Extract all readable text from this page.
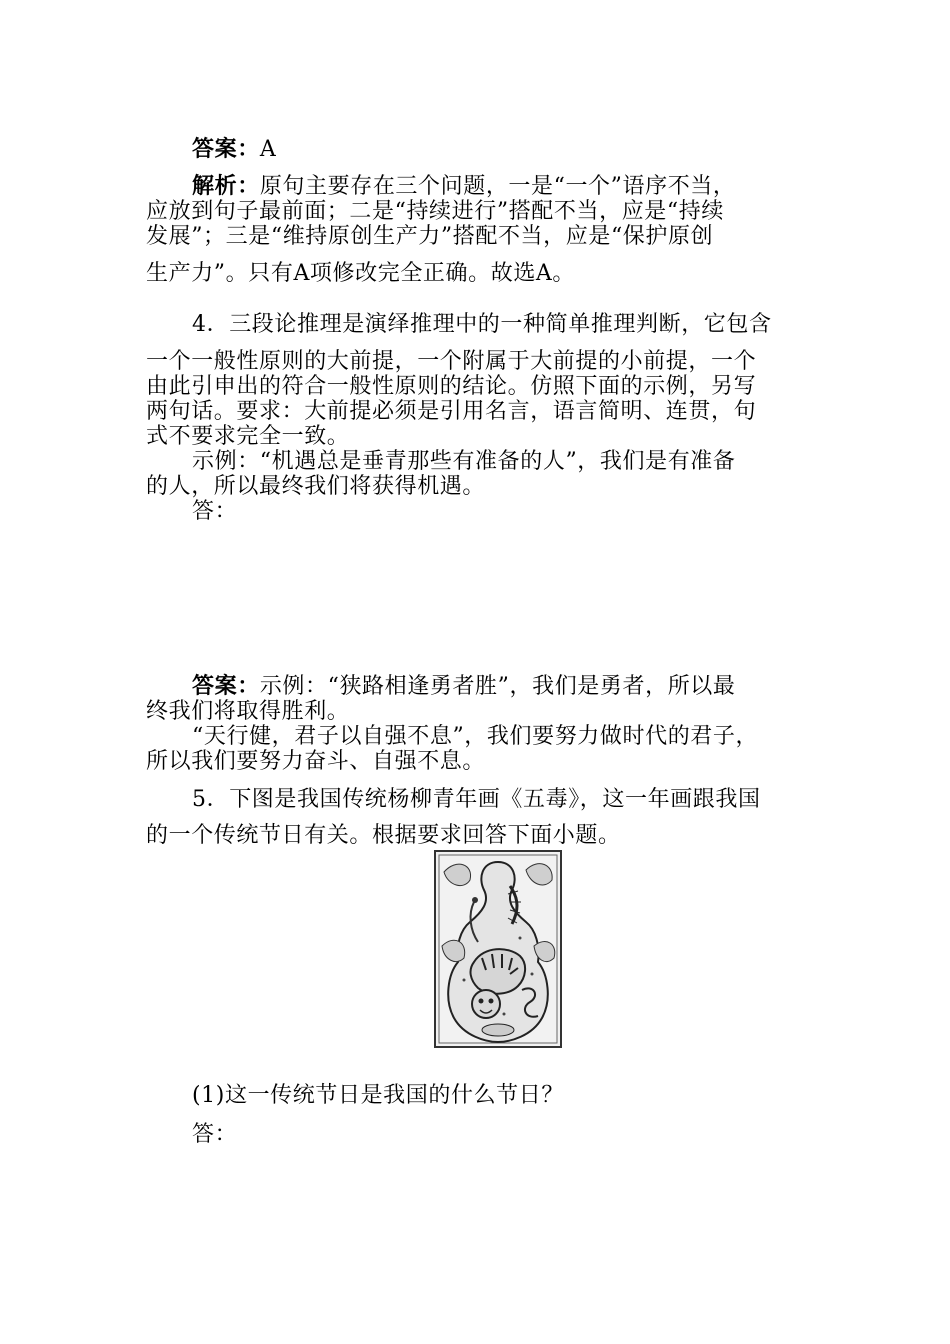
答案：A
解析：原句主要存在三个问题，一是“一个”语序不当，
应放到句子最前面；二是“持续进行”搭配不当，应是“持续
发展”；三是“维持原创生产力”搭配不当，应是“保护原创
生产力”。只有A项修改完全正确。故选A。
4．三段论推理是演绎推理中的一种简单推理判断，它包含
一个一般性原则的大前提，一个附属于大前提的小前提，一个
由此引申出的符合一般性原则的结论。仿照下面的示例，另写
两句话。要求：大前提必须是引用名言，语言简明、连贯，句
式不要求完全一致。
示例：“机遇总是垂青那些有准备的人”，我们是有准备
的人，所以最终我们将获得机遇。
答：
答案：示例：“狭路相逢勇者胜”，我们是勇者，所以最
终我们将取得胜利。
“天行健，君子以自强不息”，我们要努力做时代的君子，
所以我们要努力奋斗、自强不息。
5．下图是我国传统杨柳青年画《五毒》，这一年画跟我国
的一个传统节日有关。根据要求回答下面小题。
(1)这一传统节日是我国的什么节日？
答：
